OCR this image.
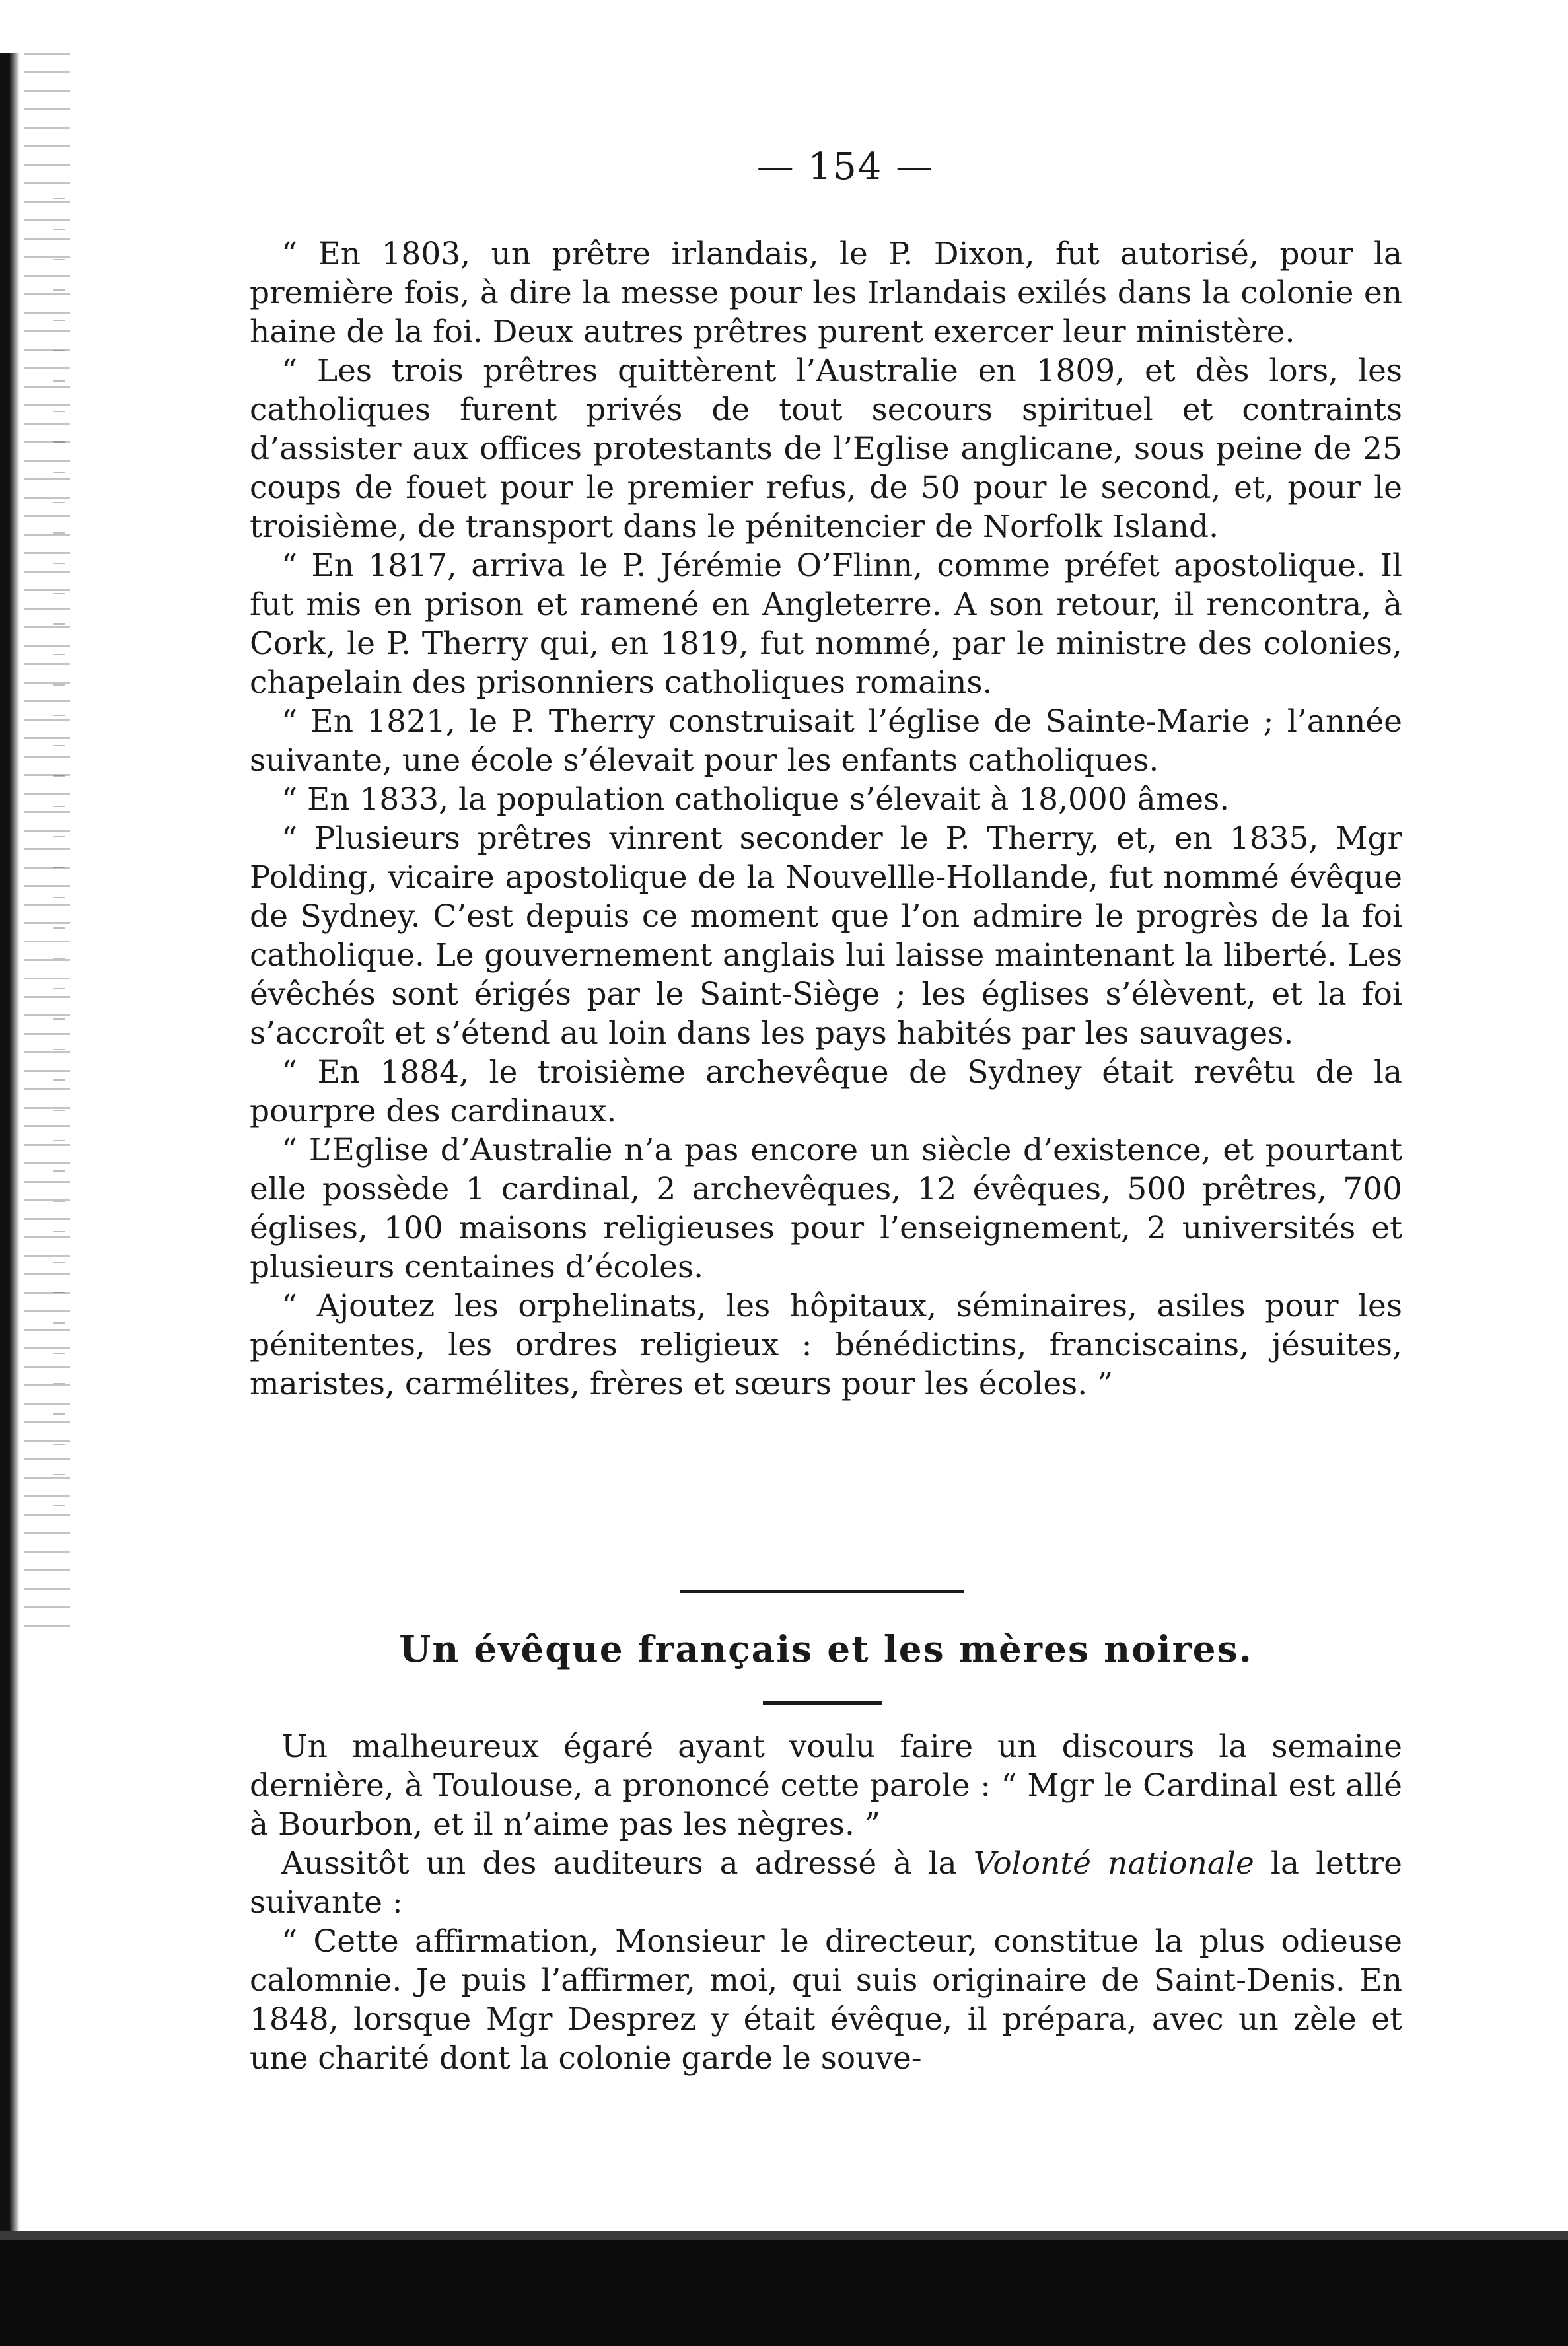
— 154 —

“ En 1803, un prêtre irlandais, le P. Dixon, fut autorisé, pour la première fois, à dire la messe pour les Irlandais exilés dans la colonie en haine de la foi. Deux autres prêtres purent exercer leur ministère.

“ Les trois prêtres quittèrent l’Australie en 1809, et dès lors, les catholiques furent privés de tout secours spirituel et contraints d’assister aux offices protestants de l’Eglise anglicane, sous peine de 25 coups de fouet pour le premier refus, de 50 pour le second, et, pour le troisième, de transport dans le pénitencier de Norfolk Island.

“ En 1817, arriva le P. Jérémie O’Flinn, comme préfet apostolique. Il fut mis en prison et ramené en Angleterre. A son retour, il rencontra, à Cork, le P. Therry qui, en 1819, fut nommé, par le ministre des colonies, chapelain des prisonniers catholiques romains.

“ En 1821, le P. Therry construisait l’église de Sainte-Marie ; l’année suivante, une école s’élevait pour les enfants catholiques.

“ En 1833, la population catholique s’élevait à 18,000 âmes.

“ Plusieurs prêtres vinrent seconder le P. Therry, et, en 1835, Mgr Polding, vicaire apostolique de la Nouvellle-Hollande, fut nommé évêque de Sydney. C’est depuis ce moment que l’on admire le progrès de la foi catholique. Le gouvernement anglais lui laisse maintenant la liberté. Les évêchés sont érigés par le Saint-Siège ; les églises s’élèvent, et la foi s’accroît et s’étend au loin dans les pays habités par les sauvages.

“ En 1884, le troisième archevêque de Sydney était revêtu de la pourpre des cardinaux.

“ L’Eglise d’Australie n’a pas encore un siècle d’existence, et pourtant elle possède 1 cardinal, 2 archevêques, 12 évêques, 500 prêtres, 700 églises, 100 maisons religieuses pour l’enseignement, 2 universités et plusieurs centaines d’écoles.

“ Ajoutez les orphelinats, les hôpitaux, séminaires, asiles pour les pénitentes, les ordres religieux : bénédictins, franciscains, jésuites, maristes, carmélites, frères et sœurs pour les écoles. ”

Un évêque français et les mères noires.

Un malheureux égaré ayant voulu faire un discours la semaine dernière, à Toulouse, a prononcé cette parole : “ Mgr le Cardinal est allé à Bourbon, et il n’aime pas les nègres. ”

Aussitôt un des auditeurs a adressé à la Volonté nationale la lettre suivante :

“ Cette affirmation, Monsieur le directeur, constitue la plus odieuse calomnie. Je puis l’affirmer, moi, qui suis originaire de Saint-Denis. En 1848, lorsque Mgr Desprez y était évêque, il prépara, avec un zèle et une charité dont la colonie garde le souve-
